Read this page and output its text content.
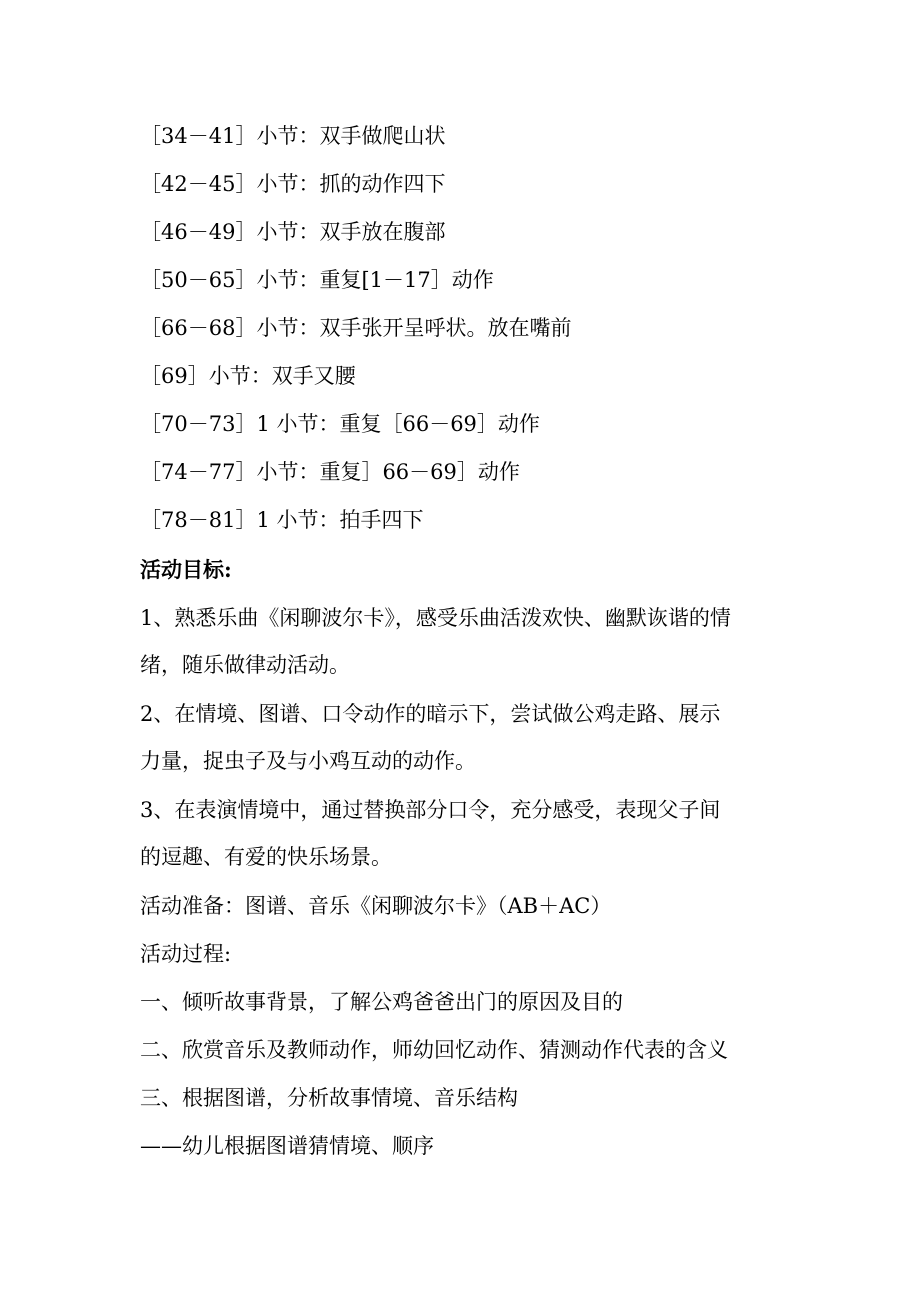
［34－41］小节：双手做爬山状
［42－45］小节：抓的动作四下
［46－49］小节：双手放在腹部
［50－65］小节：重复[1－17］动作
［66－68］小节：双手张开呈呼状。放在嘴前
［69］小节：双手又腰
［70－73］1 小节：重复［66－69］动作
［74－77］小节：重复］66－69］动作
［78－81］1 小节：拍手四下
活动目标:
1、熟悉乐曲《闲聊波尔卡》，感受乐曲活泼欢快、幽默诙谐的情
绪，随乐做律动活动。
2、在情境、图谱、口令动作的暗示下，尝试做公鸡走路、展示
力量，捉虫子及与小鸡互动的动作。
3、在表演情境中，通过替换部分口令，充分感受，表现父子间
的逗趣、有爱的快乐场景。
活动准备：图谱、音乐《闲聊波尔卡》（AB＋AC）
活动过程:
一、倾听故事背景，了解公鸡爸爸出门的原因及目的
二、欣赏音乐及教师动作，师幼回忆动作、猜测动作代表的含义
三、根据图谱，分析故事情境、音乐结构
——幼儿根据图谱猜情境、顺序
